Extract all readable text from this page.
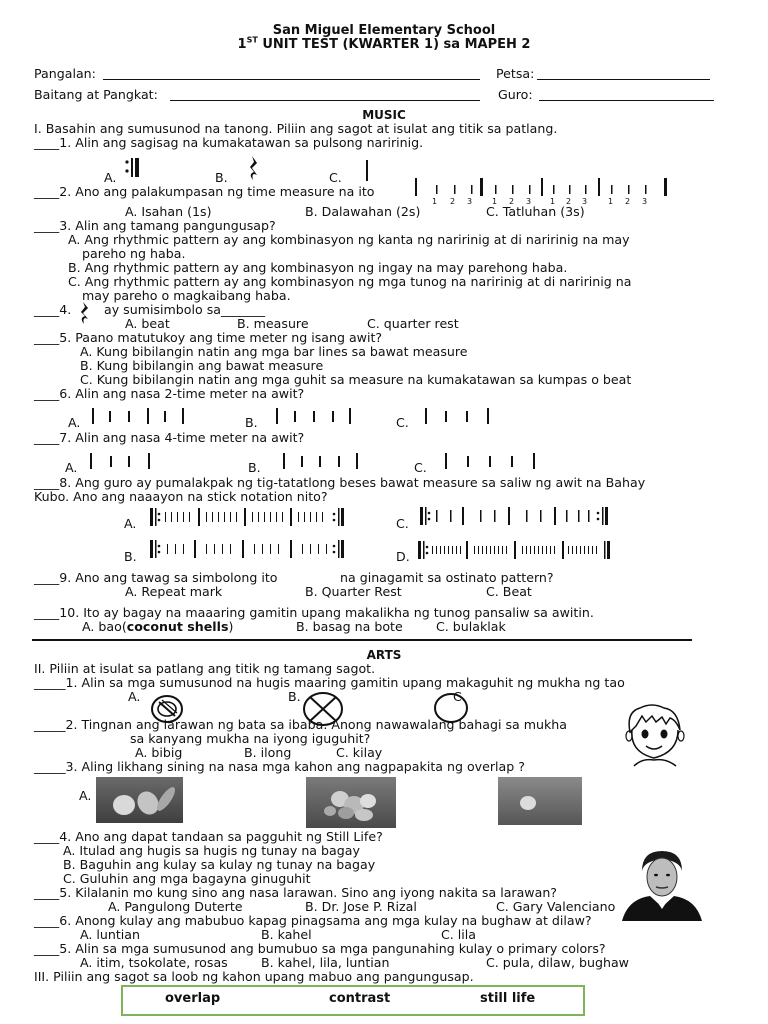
San Miguel Elementary School
1ST UNIT TEST (KWARTER 1) sa MAPEH 2
Pangalan:	Petsa:
Baitang at Pangkat:	Guro:
MUSIC
I. Basahin ang sumusunod na tanong. Piliin ang sagot at isulat ang titik sa patlang.
____1. Alin ang sagisag na kumakatawan sa pulsong naririnig.
A.	B.	C.
____2. Ano ang palakumpasan ng time measure na ito
1 2 3 1 2 3 1 2 3	1 2 3
A. Isahan (1s)	B. Dalawahan (2s)	C. Tatluhan (3s)
____3. Alin ang tamang pangungusap?
A. Ang rhythmic pattern ay ang kombinasyon ng kanta ng naririnig at di naririnig na may
pareho ng haba.
B. Ang rhythmic pattern ay ang kombinasyon ng ingay na may parehong haba.
C. Ang rhythmic pattern ay ang kombinasyon ng mga tunog na naririnig at di naririnig na
may pareho o magkaibang haba.
____4.	ay sumisimbolo sa_______
A. beat	B. measure	C. quarter rest
____5. Paano matutukoy ang time meter ng isang awit?
A. Kung bibilangin natin ang mga bar lines sa bawat measure
B. Kung bibilangin ang bawat measure
C. Kung bibilangin natin ang mga guhit sa measure na kumakatawan sa kumpas o beat
____6. Alin ang nasa 2-time meter na awit?
A.	B.	C.
____7. Alin ang nasa 4-time meter na awit?
A.	B.	C.
____8. Ang guro ay pumalakpak ng tig-tatatlong beses bawat measure sa saliw ng awit na Bahay
Kubo. Ano ang naaayon na stick notation nito?
A.	C.
B.	D.
____9. Ano ang tawag sa simbolong ito	na ginagamit sa ostinato pattern?
A. Repeat mark	B. Quarter Rest	C. Beat
____10. Ito ay bagay na maaaring gamitin upang makalikha ng tunog pansaliw sa awitin.
A. bao(coconut shells)	B. basag na bote	C. bulaklak
ARTS
II. Piliin at isulat sa patlang ang titik ng tamang sagot.
_____1. Alin sa mga sumusunod na hugis maaring gamitin upang makaguhit ng mukha ng tao
A.	B.	C.
_____2. Tingnan ang larawan ng bata sa ibaba. Anong nawawalang bahagi sa mukha
sa kanyang mukha na iyong iguguhit?
A. bibig	B. ilong	C. kilay
_____3. Aling likhang sining na nasa mga kahon ang nagpapakita ng overlap ?
A.
____4. Ano ang dapat tandaan sa pagguhit ng Still Life?
A. Itulad ang hugis sa hugis ng tunay na bagay
B. Baguhin ang kulay sa kulay ng tunay na bagay
C. Guluhin ang mga bagayna ginuguhit
____5. Kilalanin mo kung sino ang nasa larawan. Sino ang iyong nakita sa larawan?
A. Pangulong Duterte	B. Dr. Jose P. Rizal	C. Gary Valenciano
____6. Anong kulay ang mabubuo kapag pinagsama ang mga kulay na bughaw at dilaw?
A. luntian	B. kahel	C. lila
____5. Alin sa mga sumusunod ang bumubuo sa mga pangunahing kulay o primary colors?
A. itim, tsokolate, rosas	B. kahel, lila, luntian	C. pula, dilaw, bughaw
III. Piliin ang sagot sa loob ng kahon upang mabuo ang pangungusap.
overlap	contrast	still life
